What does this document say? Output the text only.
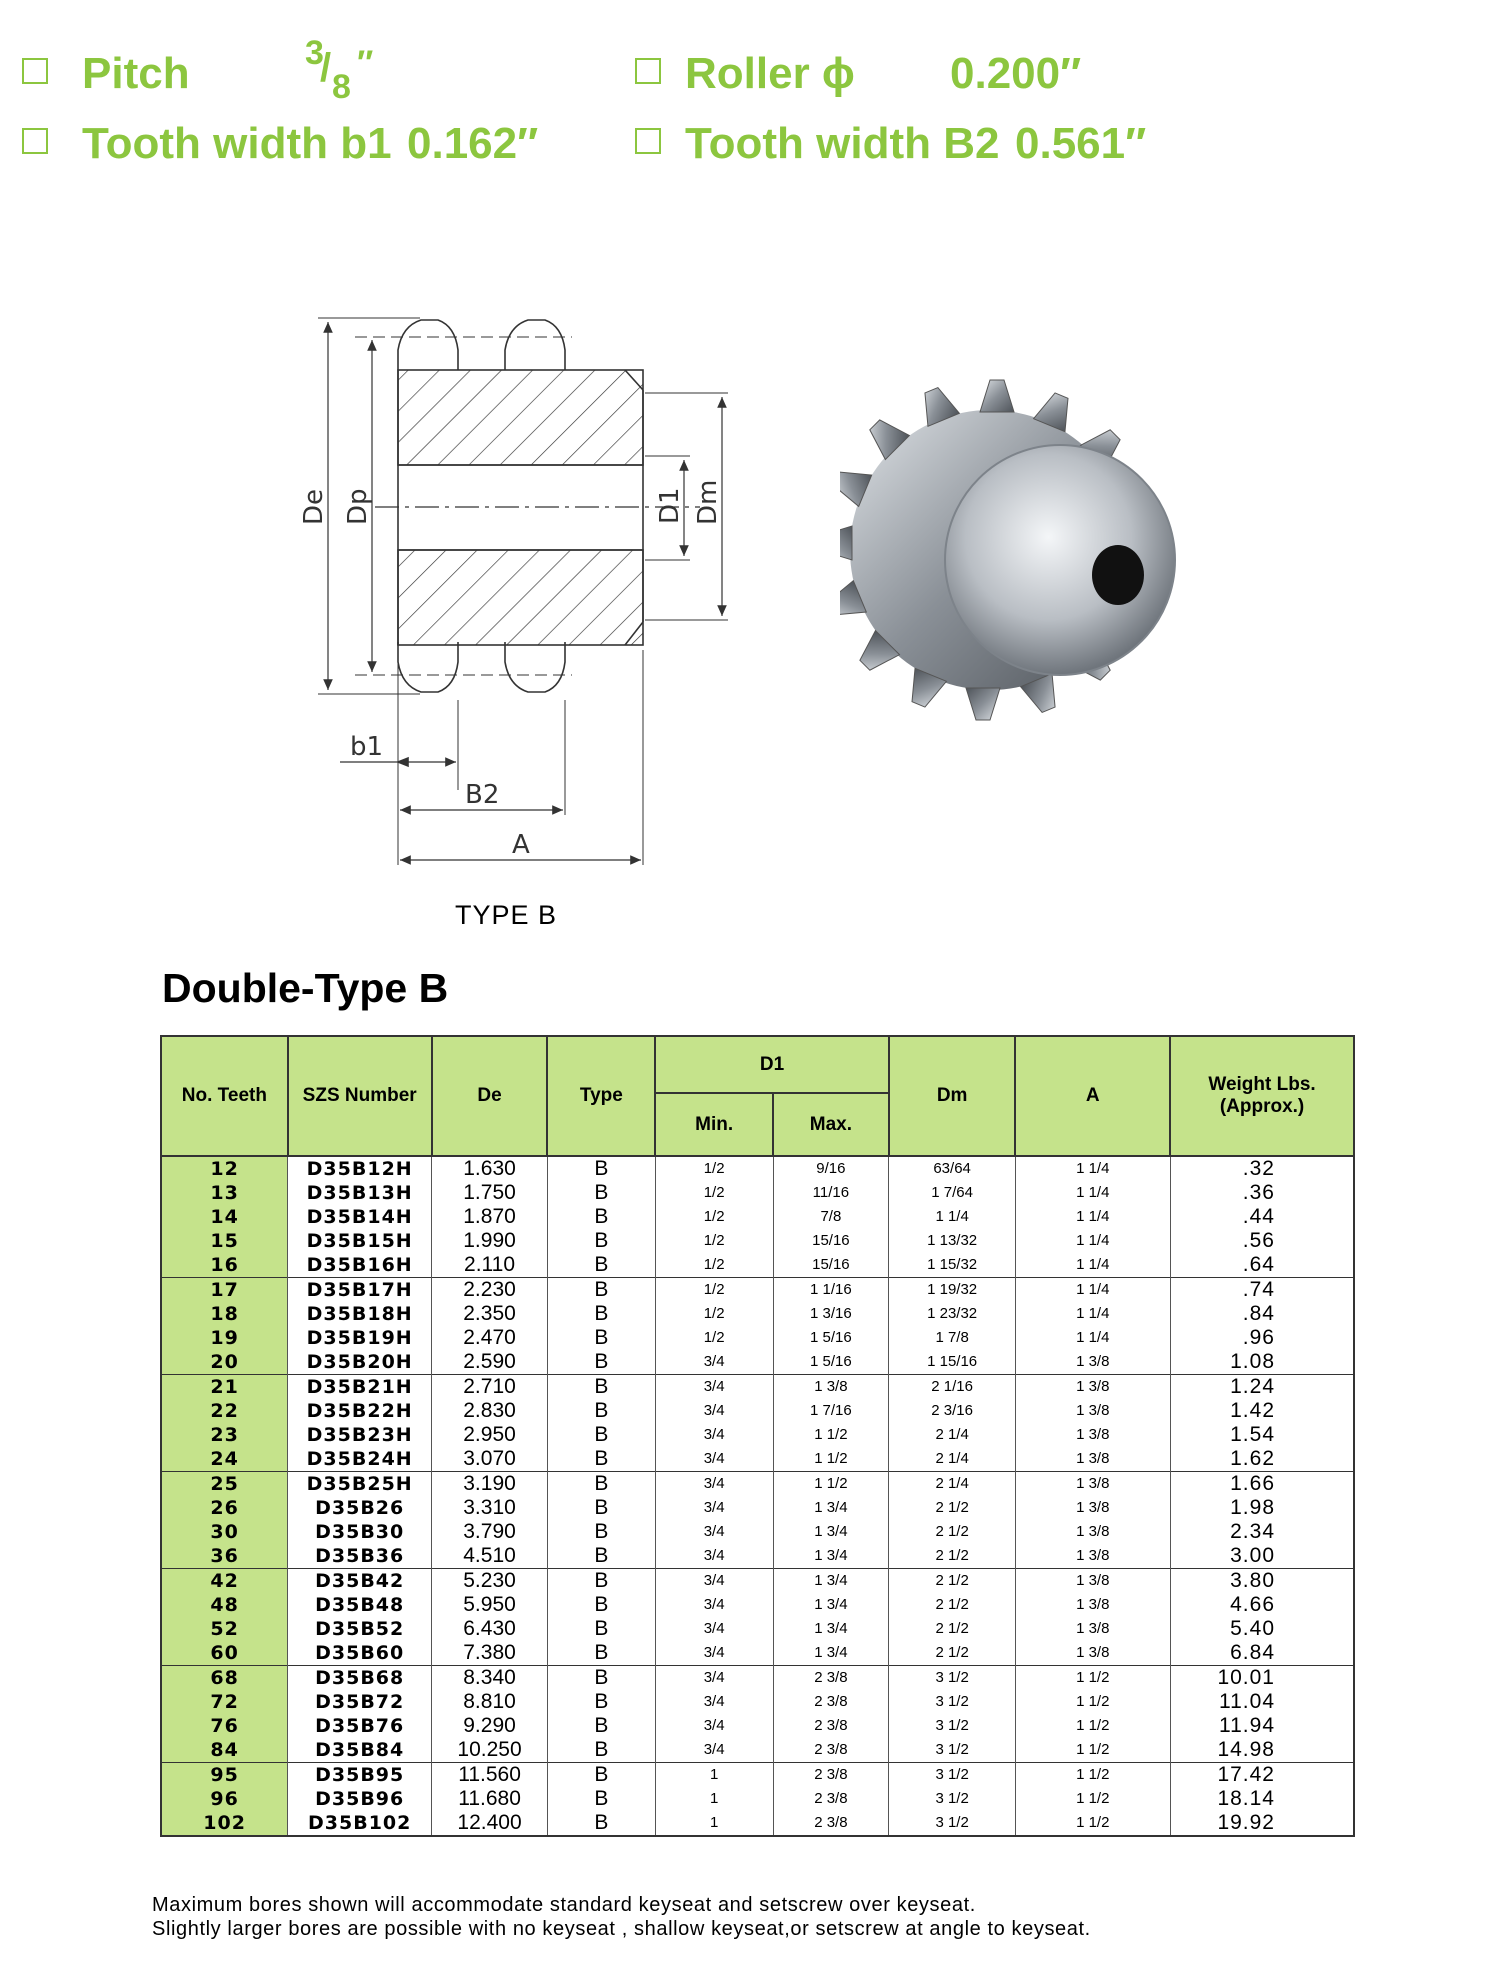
Pitch	3
/ 8
″	Roller ϕ 0.200″
Tooth width b1 0.162″	Tooth width B2 0.561″
De Dp	D1 Dm
b1
B2
A
TYPE B
Double-Type B
No. Teeth	SZS Number	De	Type	D1		Dm	A	Weight Lbs. (Approx.)
				Min.	Max.			
12	D35B12H	1.630	B	1/2	9/16	63/64	1 1/4	.32
13	D35B13H	1.750	B	1/2	11/16	1 7/64	1 1/4	.36
14	D35B14H	1.870	B	1/2	7/8	1 1/4	1 1/4	.44
15	D35B15H	1.990	B	1/2	15/16	1 13/32	1 1/4	.56
16	D35B16H	2.110	B	1/2	15/16	1 15/32	1 1/4	.64
17	D35B17H	2.230	B	1/2	1 1/16	1 19/32	1 1/4	.74
18	D35B18H	2.350	B	1/2	1 3/16	1 23/32	1 1/4	.84
19	D35B19H	2.470	B	1/2	1 5/16	1 7/8	1 1/4	.96
20	D35B20H	2.590	B	3/4	1 5/16	1 15/16	1 3/8	1.08
21	D35B21H	2.710	B	3/4	1 3/8	2 1/16	1 3/8	1.24
22	D35B22H	2.830	B	3/4	1 7/16	2 3/16	1 3/8	1.42
23	D35B23H	2.950	B	3/4	1 1/2	2 1/4	1 3/8	1.54
24	D35B24H	3.070	B	3/4	1 1/2	2 1/4	1 3/8	1.62
25	D35B25H	3.190	B	3/4	1 1/2	2 1/4	1 3/8	1.66
26	D35B26	3.310	B	3/4	1 3/4	2 1/2	1 3/8	1.98
30	D35B30	3.790	B	3/4	1 3/4	2 1/2	1 3/8	2.34
36	D35B36	4.510	B	3/4	1 3/4	2 1/2	1 3/8	3.00
42	D35B42	5.230	B	3/4	1 3/4	2 1/2	1 3/8	3.80
48	D35B48	5.950	B	3/4	1 3/4	2 1/2	1 3/8	4.66
52	D35B52	6.430	B	3/4	1 3/4	2 1/2	1 3/8	5.40
60	D35B60	7.380	B	3/4	1 3/4	2 1/2	1 3/8	6.84
68	D35B68	8.340	B	3/4	2 3/8	3 1/2	1 1/2	10.01
72	D35B72	8.810	B	3/4	2 3/8	3 1/2	1 1/2	11.04
76	D35B76	9.290	B	3/4	2 3/8	3 1/2	1 1/2	11.94
84	D35B84	10.250	B	3/4	2 3/8	3 1/2	1 1/2	14.98
95	D35B95	11.560	B	1	2 3/8	3 1/2	1 1/2	17.42
96	D35B96	11.680	B	1	2 3/8	3 1/2	1 1/2	18.14
102	D35B102	12.400	B	1	2 3/8	3 1/2	1 1/2	19.92
Maximum bores shown will accommodate standard keyseat and setscrew over keyseat.
Slightly larger bores are possible with no keyseat , shallow keyseat,or setscrew at angle to keyseat.
